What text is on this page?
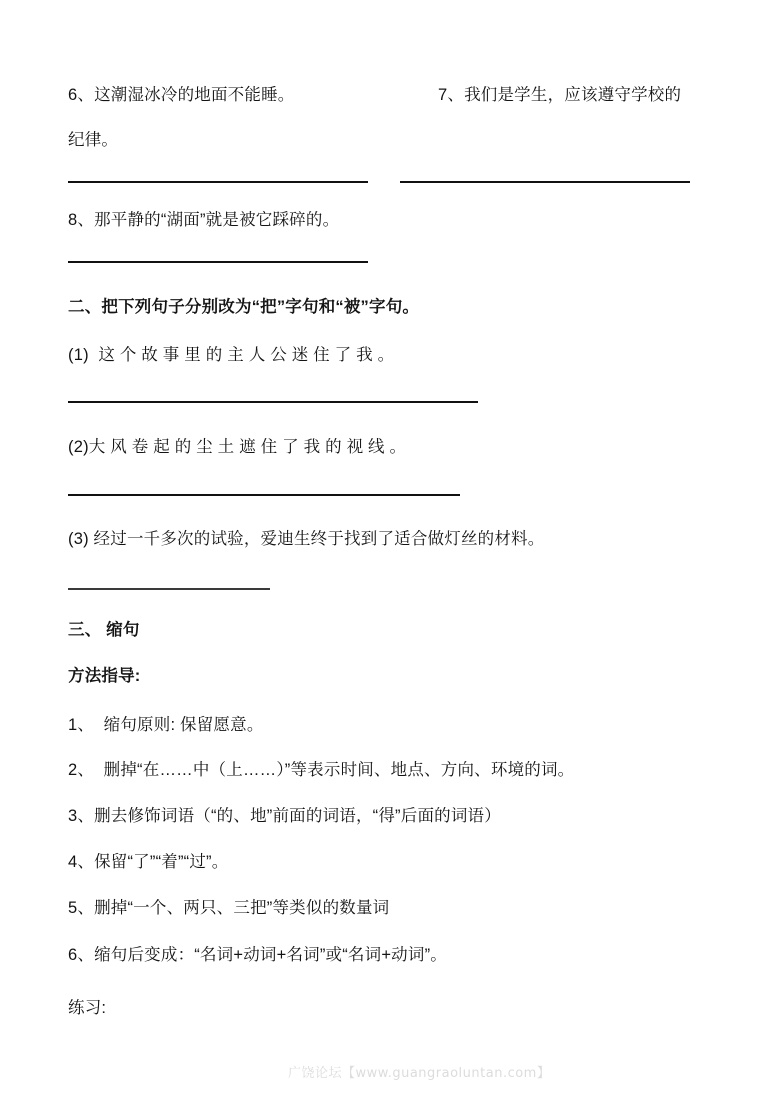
6、这潮湿冰冷的地面不能睡。	7、我们是学生，应该遵守学校的
纪律。
8、那平静的“湖面”就是被它踩碎的。
二、把下列句子分别改为“把”字句和“被”字句。
(1)  这 个 故 事 里 的 主 人 公 迷 住 了 我 。
(2)大 风 卷 起 的 尘 土 遮 住 了 我 的 视 线 。
(3) 经过一千多次的试验，爱迪生终于找到了适合做灯丝的材料。
三、 缩句
方法指导:
1、  缩句原则: 保留愿意。
2、  删掉“在……中（上……）”等表示时间、地点、方向、环境的词。
3、删去修饰词语（“的、地”前面的词语，“得”后面的词语）
4、保留“了”“着”“过”。
5、删掉“一个、两只、三把”等类似的数量词
6、缩句后变成：“名词+动词+名词”或“名词+动词”。
练习:
广饶论坛【www.guangraoluntan.com】
